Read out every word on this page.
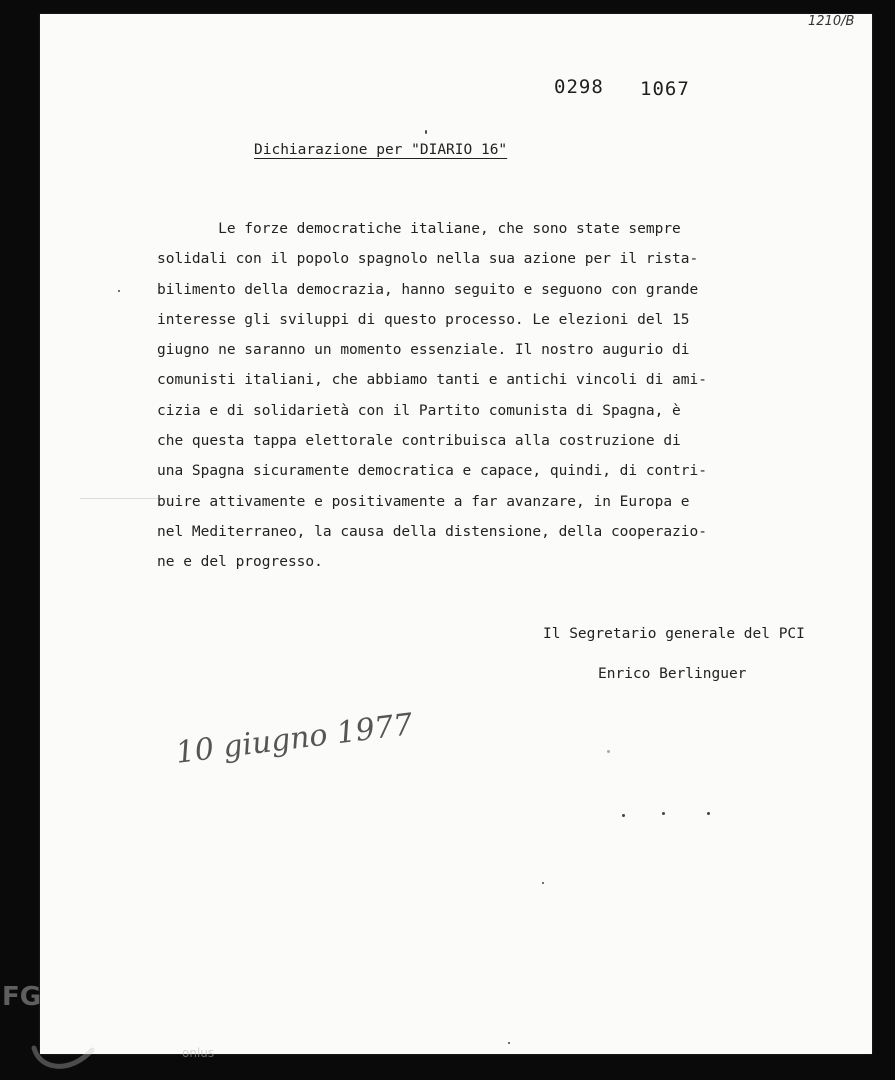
1210/B
0298 1067
Dichiarazione per "DIARIO 16"
Le forze democratiche italiane, che sono state sempre
solidali con il popolo spagnolo nella sua azione per il rista-
bilimento della democrazia, hanno seguito e seguono con grande
interesse gli sviluppi di questo processo. Le elezioni del 15
giugno ne saranno un momento essenziale. Il nostro augurio di
comunisti italiani, che abbiamo tanti e antichi vincoli di ami-
cizia e di solidarietà con il Partito comunista di Spagna, è
che questa tappa elettorale contribuisca alla costruzione di
una Spagna sicuramente democratica e capace, quindi, di contri-
buire attivamente e positivamente a far avanzare, in Europa e
nel Mediterraneo, la causa della distensione, della cooperazio-
ne e del progresso.
Il Segretario generale del PCI
Enrico Berlinguer
10 giugno 1977
FG
onlus
